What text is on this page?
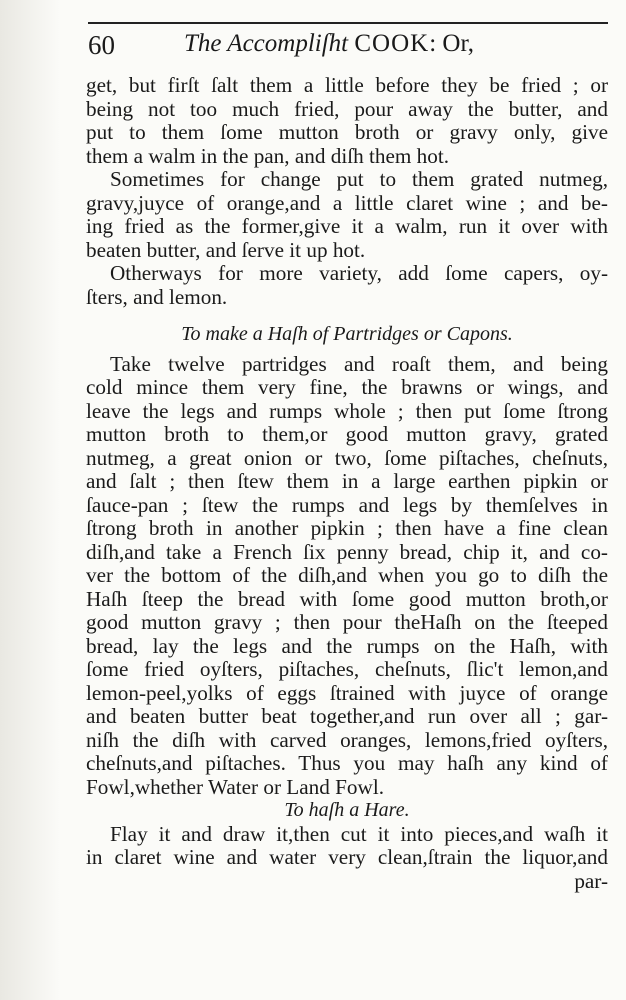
60	The Accompliſht COOK: Or,
get, but firſt ſalt them a little before they be fried ; or
being not too much fried, pour away the butter, and
put to them ſome mutton broth or gravy only, give
them a walm in the pan, and diſh them hot.
Sometimes for change put to them grated nutmeg,
gravy,juyce of orange,and a little claret wine ; and be-
ing fried as the former,give it a walm, run it over with
beaten butter, and ſerve it up hot.
Otherways for more variety, add ſome capers, oy-
ſters, and lemon.
To make a Haſh of Partridges or Capons.
Take twelve partridges and roaſt them, and being
cold mince them very fine, the brawns or wings, and
leave the legs and rumps whole ; then put ſome ſtrong
mutton broth to them,or good mutton gravy, grated
nutmeg, a great onion or two, ſome piſtaches, cheſnuts,
and ſalt ; then ſtew them in a large earthen pipkin or
ſauce-pan ; ſtew the rumps and legs by themſelves in
ſtrong broth in another pipkin ; then have a fine clean
diſh,and take a French ſix penny bread, chip it, and co-
ver the bottom of the diſh,and when you go to diſh the
Haſh ſteep the bread with ſome good mutton broth,or
good mutton gravy ; then pour theHaſh on the ſteeped
bread, lay the legs and the rumps on the Haſh, with
ſome fried oyſters, piſtaches, cheſnuts, ſlic't lemon,and
lemon-peel,yolks of eggs ſtrained with juyce of orange
and beaten butter beat together,and run over all ; gar-
niſh the diſh with carved oranges, lemons,fried oyſters,
cheſnuts,and piſtaches. Thus you may haſh any kind of
Fowl,whether Water or Land Fowl.
To haſh a Hare.
Flay it and draw it,then cut it into pieces,and waſh it
in claret wine and water very clean,ſtrain the liquor,and
par-
